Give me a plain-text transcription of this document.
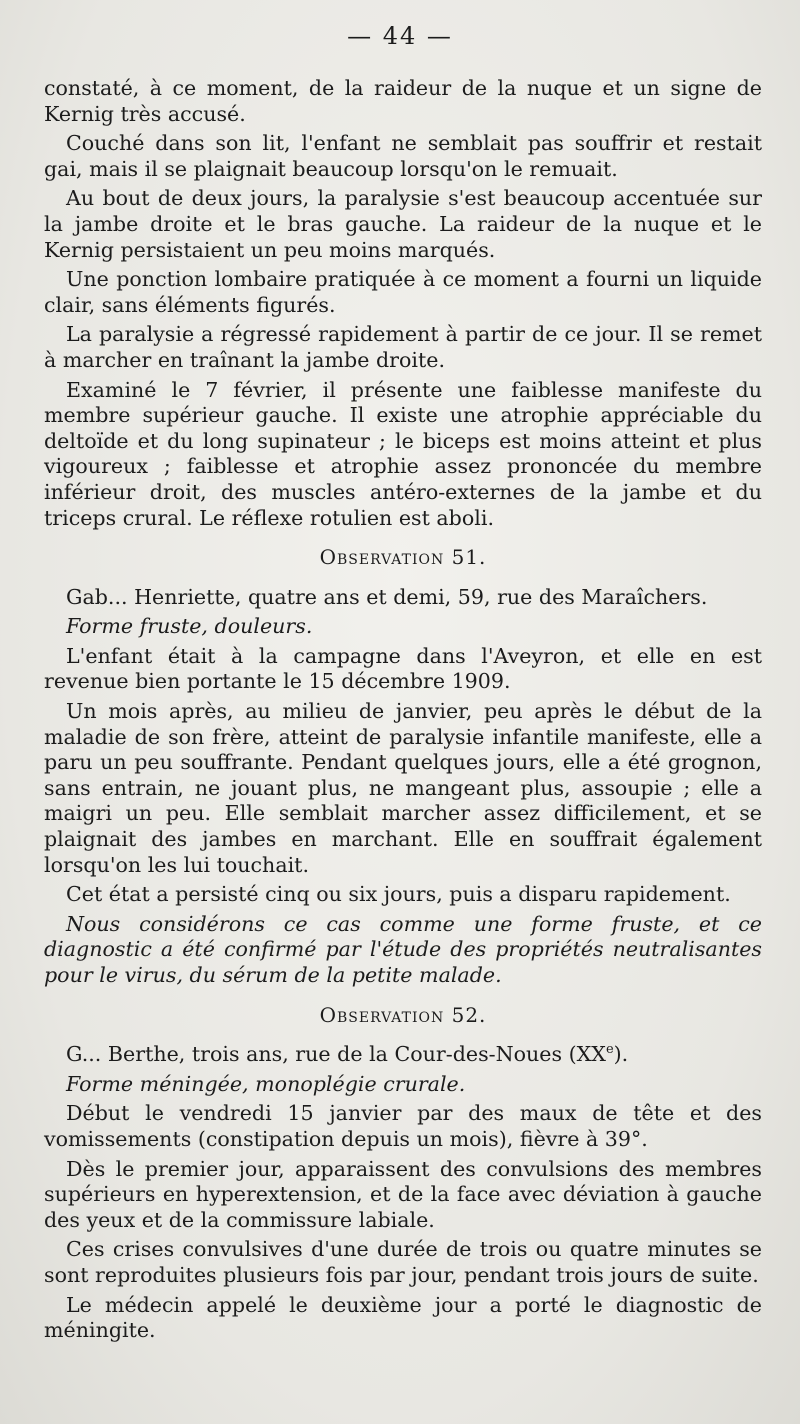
— 44 —

constaté, à ce moment, de la raideur de la nuque et un signe de Kernig très accusé.

Couché dans son lit, l'enfant ne semblait pas souffrir et restait gai, mais il se plaignait beaucoup lorsqu'on le remuait.

Au bout de deux jours, la paralysie s'est beaucoup accentuée sur la jambe droite et le bras gauche. La raideur de la nuque et le Kernig persistaient un peu moins marqués.

Une ponction lombaire pratiquée à ce moment a fourni un liquide clair, sans éléments figurés.

La paralysie a régressé rapidement à partir de ce jour. Il se remet à marcher en traînant la jambe droite.

Examiné le 7 février, il présente une faiblesse manifeste du membre supérieur gauche. Il existe une atrophie appréciable du deltoïde et du long supinateur ; le biceps est moins atteint et plus vigoureux ; faiblesse et atrophie assez prononcée du membre inférieur droit, des muscles antéro-externes de la jambe et du triceps crural. Le réflexe rotulien est aboli.

Observation 51.

Gab... Henriette, quatre ans et demi, 59, rue des Maraîchers.

Forme fruste, douleurs.

L'enfant était à la campagne dans l'Aveyron, et elle en est revenue bien portante le 15 décembre 1909.

Un mois après, au milieu de janvier, peu après le début de la maladie de son frère, atteint de paralysie infantile manifeste, elle a paru un peu souffrante. Pendant quelques jours, elle a été grognon, sans entrain, ne jouant plus, ne mangeant plus, assoupie ; elle a maigri un peu. Elle semblait marcher assez difficilement, et se plaignait des jambes en marchant. Elle en souffrait également lorsqu'on les lui touchait.

Cet état a persisté cinq ou six jours, puis a disparu rapidement.

Nous considérons ce cas comme une forme fruste, et ce diagnostic a été confirmé par l'étude des propriétés neutralisantes pour le virus, du sérum de la petite malade.

Observation 52.

G... Berthe, trois ans, rue de la Cour-des-Noues (XXe).

Forme méningée, monoplégie crurale.

Début le vendredi 15 janvier par des maux de tête et des vomissements (constipation depuis un mois), fièvre à 39°.

Dès le premier jour, apparaissent des convulsions des membres supérieurs en hyperextension, et de la face avec déviation à gauche des yeux et de la commissure labiale.

Ces crises convulsives d'une durée de trois ou quatre minutes se sont reproduites plusieurs fois par jour, pendant trois jours de suite.

Le médecin appelé le deuxième jour a porté le diagnostic de méningite.
